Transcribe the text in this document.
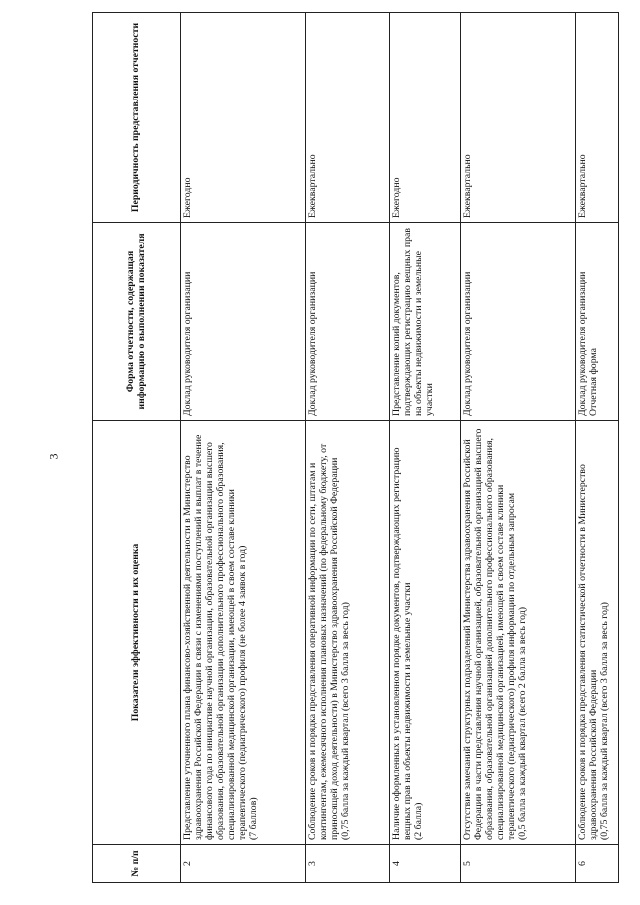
3
№ п/п	Показатели эффективности и их оценка	Форма отчетности, содержащая информацию о выполнении показателя	Периодичность представления отчетности
2	Представление уточненного плана финансово-хозяйственной деятельности в Министерство здравоохранения Российской Федерации в связи с изменениями поступлений и выплат в течение финансового года по инициативе научной организации, образовательной организации высшего образования, образовательной организации дополнительного профессионального образования, специализированной медицинской организации, имеющей в своем составе клиники терапевтического (педиатрического) профиля (не более 4 заявок в год) (7 баллов)	Доклад руководителя организации	Ежегодно
3	Соблюдение сроков и порядка представления оперативной информации по сети, штатам и контингентам, ежемесячного исполнения плановых назначений (по федеральному бюджету, от приносящей доход деятельности) в Министерство здравоохранения Российской Федерации (0,75 балла за каждый квартал (всего 3 балла за весь год)	Доклад руководителя организации	Ежеквартально
4	Наличие оформленных в установленном порядке документов, подтверждающих регистрацию вещных прав на объекты недвижимости и земельные участки (2 балла)	Представление копий документов, подтверждающих регистрацию вещных прав на объекты недвижимости и земельные участки	Ежегодно
5	Отсутствие замечаний структурных подразделений Министерства здравоохранения Российской Федерации в части представления научной организацией, образовательной организацией высшего образования, образовательной организацией дополнительного профессионального образования, специализированной медицинской организацией, имеющей в своем составе клиники терапевтического (педиатрического) профиля информации по отдельным запросам (0,5 балла за каждый квартал (всего 2 балла за весь год)	Доклад руководителя организации	Ежеквартально
6	Соблюдение сроков и порядка представления статистической отчетности в Министерство здравоохранения Российской Федерации (0,75 балла за каждый квартал (всего 3 балла за весь год)	Доклад руководителя организации Отчетная форма	Ежеквартально
